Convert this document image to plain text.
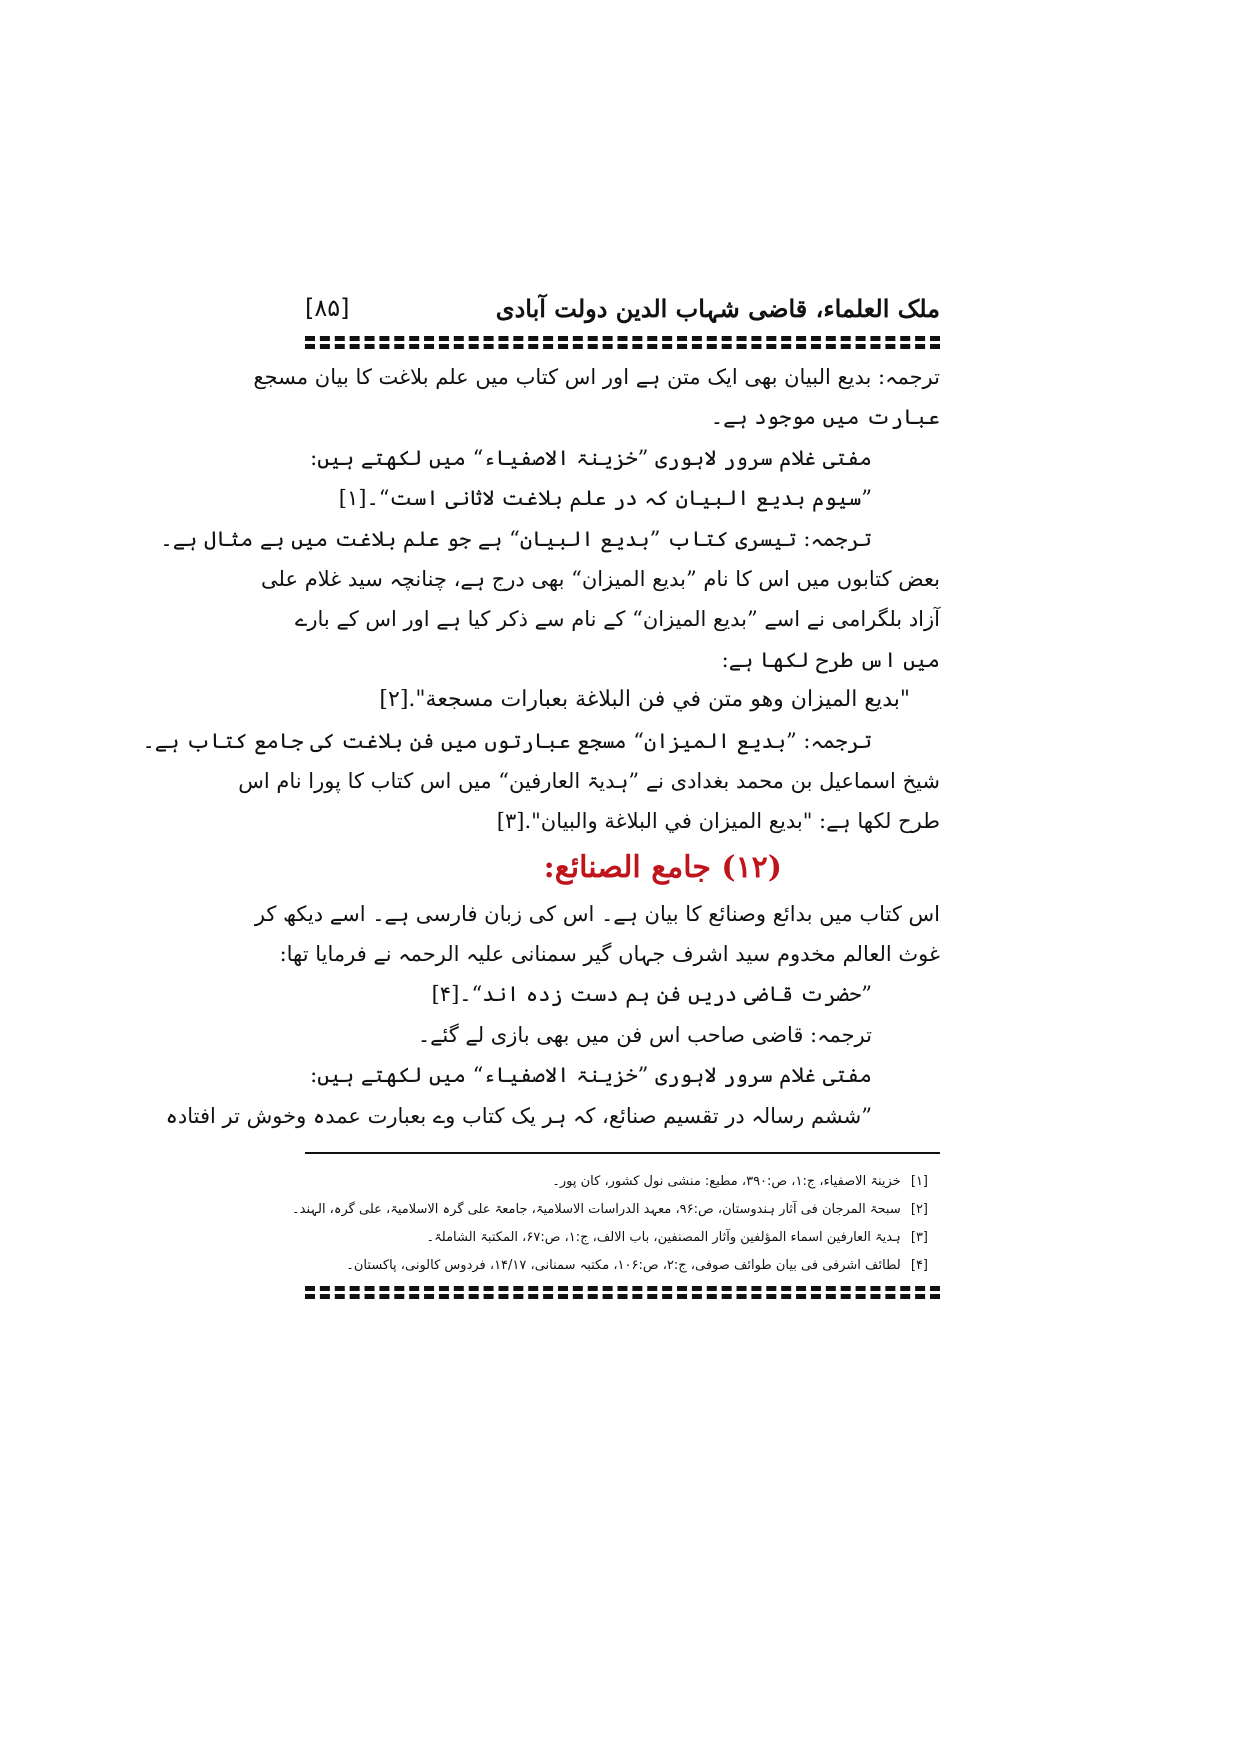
ملک العلماء، قاضی شہاب الدین دولت آبادی
[۸۵]
ترجمہ: بدیع البیان بھی ایک متن ہے اور اس کتاب میں علم بلاغت کا بیان مسجع
عبارت میں موجود ہے۔
مفتی غلام سرور لاہوری ”خزینۃ الاصفیاء“ میں لکھتے ہیں:
”سیوم بدیع البیان کہ در علم بلاغت لاثانی است“۔[۱]
ترجمہ: تیسری کتاب ”بدیع البیان“ ہے جو علم بلاغت میں بے مثال ہے۔
بعض کتابوں میں اس کا نام ”بدیع المیزان“ بھی درج ہے، چنانچہ سید غلام علی
آزاد بلگرامی نے اسے ”بدیع المیزان“ کے نام سے ذکر کیا ہے اور اس کے بارے
میں اس طرح لکھا ہے:
"بديع الميزان وهو متن في فن البلاغة بعبارات مسجعة".[۲]
ترجمہ: ”بدیع المیزان“ مسجع عبارتوں میں فن بلاغت کی جامع کتاب ہے۔
شیخ اسماعیل بن محمد بغدادی نے ”ہدیۃ العارفین“ میں اس کتاب کا پورا نام اس
طرح لکھا ہے: "بديع الميزان في البلاغة والبيان".[۳]
(۱۲) جامع الصنائع:
اس کتاب میں بدائع وصنائع کا بیان ہے۔ اس کی زبان فارسی ہے۔ اسے دیکھ کر
غوث العالم مخدوم سید اشرف جہاں گیر سمنانی علیہ الرحمہ نے فرمایا تھا:
”حضرت قاضی دریں فن ہم دست زدہ اند“۔[۴]
ترجمہ: قاضی صاحب اس فن میں بھی بازی لے گئے۔
مفتی غلام سرور لاہوری ”خزینۃ الاصفیاء“ میں لکھتے ہیں:
”ششم رسالہ در تقسیم صنائع، کہ ہر یک کتاب وے بعبارت عمدہ وخوش تر افتادہ
[۱] خزینۃ الاصفیاء، ج:۱، ص:۳۹۰، مطبع: منشی نول کشور، کان پور۔
[۲] سبحۃ المرجان فی آثار ہندوستان، ص:۹۶، معہد الدراسات الاسلامیۃ، جامعۃ علی گرہ الاسلامیۃ، علی گرہ، الہند۔
[۳] ہدیۃ العارفین اسماء المؤلفین وآثار المصنفین، باب الالف، ج:۱، ص:۶۷، المکتبۃ الشاملۃ۔
[۴] لطائف اشرفی فی بیان طوائف صوفی، ج:۲، ص:۱۰۶، مکتبہ سمنانی، ۱۴/۱۷، فردوس کالونی، پاکستان۔
